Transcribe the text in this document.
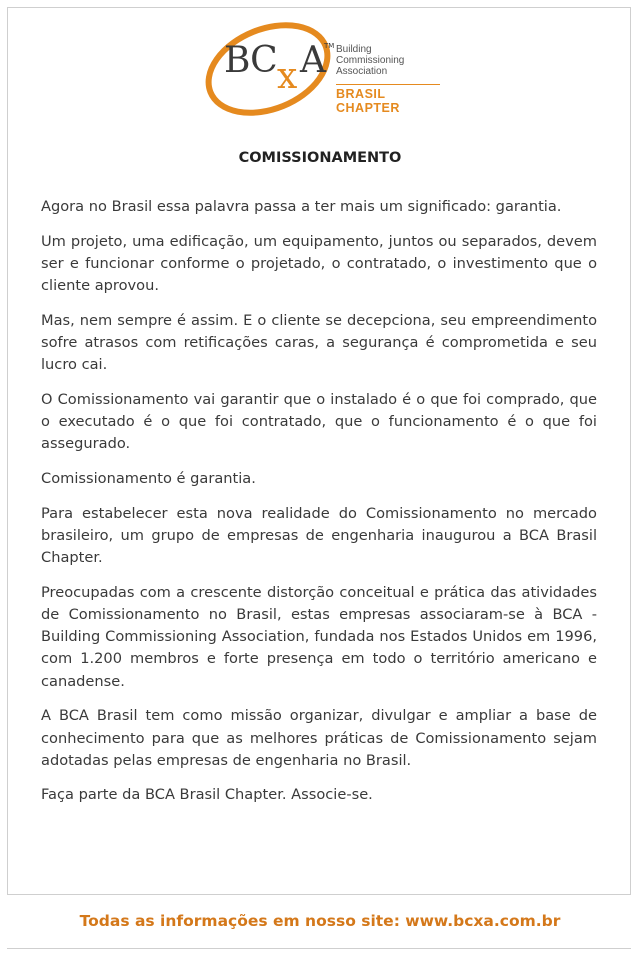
BC x A
TM Building
Commissioning
Association
BRASIL CHAPTER
COMISSIONAMENTO

Agora no Brasil essa palavra passa a ter mais um significado: garantia.

Um projeto, uma edificação, um equipamento, juntos ou separados, devem ser e funcionar conforme o projetado, o contratado, o investimento que o cliente aprovou.

Mas, nem sempre é assim. E o cliente se decepciona, seu empreendimento sofre atrasos com retificações caras, a segurança é comprometida e seu lucro cai.

O Comissionamento vai garantir que o instalado é o que foi comprado, que o executado é o que foi contratado, que o funcionamento é o que foi assegurado.

Comissionamento é garantia.

Para estabelecer esta nova realidade do Comissionamento no mercado brasileiro, um grupo de empresas de engenharia inaugurou a BCA Brasil Chapter.

Preocupadas com a crescente distorção conceitual e prática das atividades de Comissionamento no Brasil, estas empresas associaram-se à BCA - Building Commissioning Association, fundada nos Estados Unidos em 1996, com 1.200 membros e forte presença em todo o território americano e canadense.

A BCA Brasil tem como missão organizar, divulgar e ampliar a base de conhecimento para que as melhores práticas de Comissionamento sejam adotadas pelas empresas de engenharia no Brasil.

Faça parte da BCA Brasil Chapter. Associe-se.

Todas as informações em nosso site: www.bcxa.com.br
